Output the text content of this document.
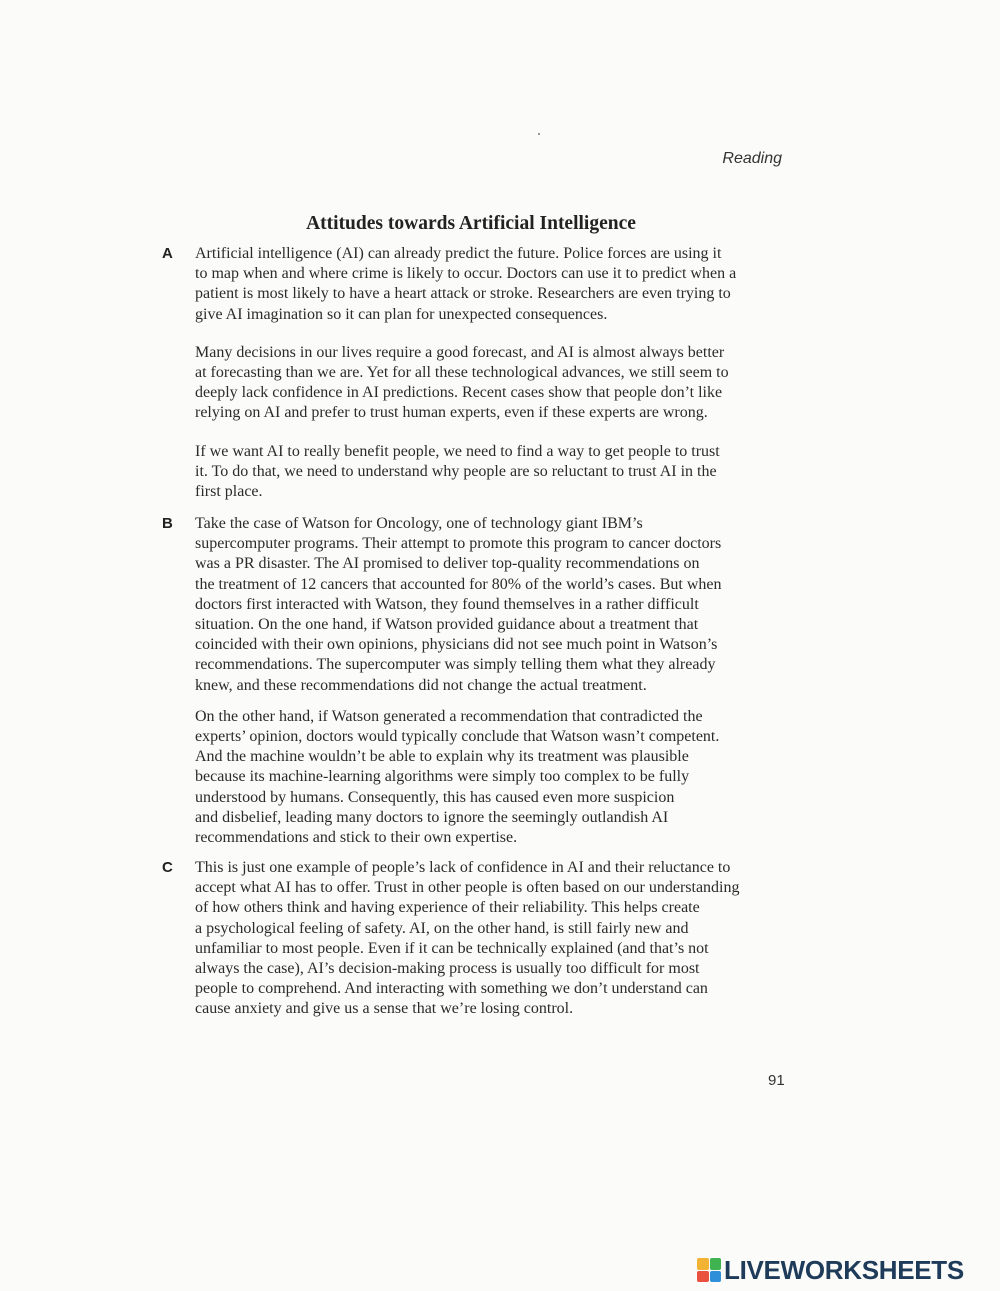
Reading
Attitudes towards Artificial Intelligence
A Artificial intelligence (AI) can already predict the future. Police forces are using it
to map when and where crime is likely to occur. Doctors can use it to predict when a
patient is most likely to have a heart attack or stroke. Researchers are even trying to
give AI imagination so it can plan for unexpected consequences.

Many decisions in our lives require a good forecast, and AI is almost always better
at forecasting than we are. Yet for all these technological advances, we still seem to
deeply lack confidence in AI predictions. Recent cases show that people don’t like
relying on AI and prefer to trust human experts, even if these experts are wrong.

If we want AI to really benefit people, we need to find a way to get people to trust
it. To do that, we need to understand why people are so reluctant to trust AI in the
first place.

B Take the case of Watson for Oncology, one of technology giant IBM’s
supercomputer programs. Their attempt to promote this program to cancer doctors
was a PR disaster. The AI promised to deliver top-quality recommendations on
the treatment of 12 cancers that accounted for 80% of the world’s cases. But when
doctors first interacted with Watson, they found themselves in a rather difficult
situation. On the one hand, if Watson provided guidance about a treatment that
coincided with their own opinions, physicians did not see much point in Watson’s
recommendations. The supercomputer was simply telling them what they already
knew, and these recommendations did not change the actual treatment.

On the other hand, if Watson generated a recommendation that contradicted the
experts’ opinion, doctors would typically conclude that Watson wasn’t competent.
And the machine wouldn’t be able to explain why its treatment was plausible
because its machine-learning algorithms were simply too complex to be fully
understood by humans. Consequently, this has caused even more suspicion
and disbelief, leading many doctors to ignore the seemingly outlandish AI
recommendations and stick to their own expertise.

C This is just one example of people’s lack of confidence in AI and their reluctance to
accept what AI has to offer. Trust in other people is often based on our understanding
of how others think and having experience of their reliability. This helps create
a psychological feeling of safety. AI, on the other hand, is still fairly new and
unfamiliar to most people. Even if it can be technically explained (and that’s not
always the case), AI’s decision-making process is usually too difficult for most
people to comprehend. And interacting with something we don’t understand can
cause anxiety and give us a sense that we’re losing control.

91
LIVEWORKSHEETS
